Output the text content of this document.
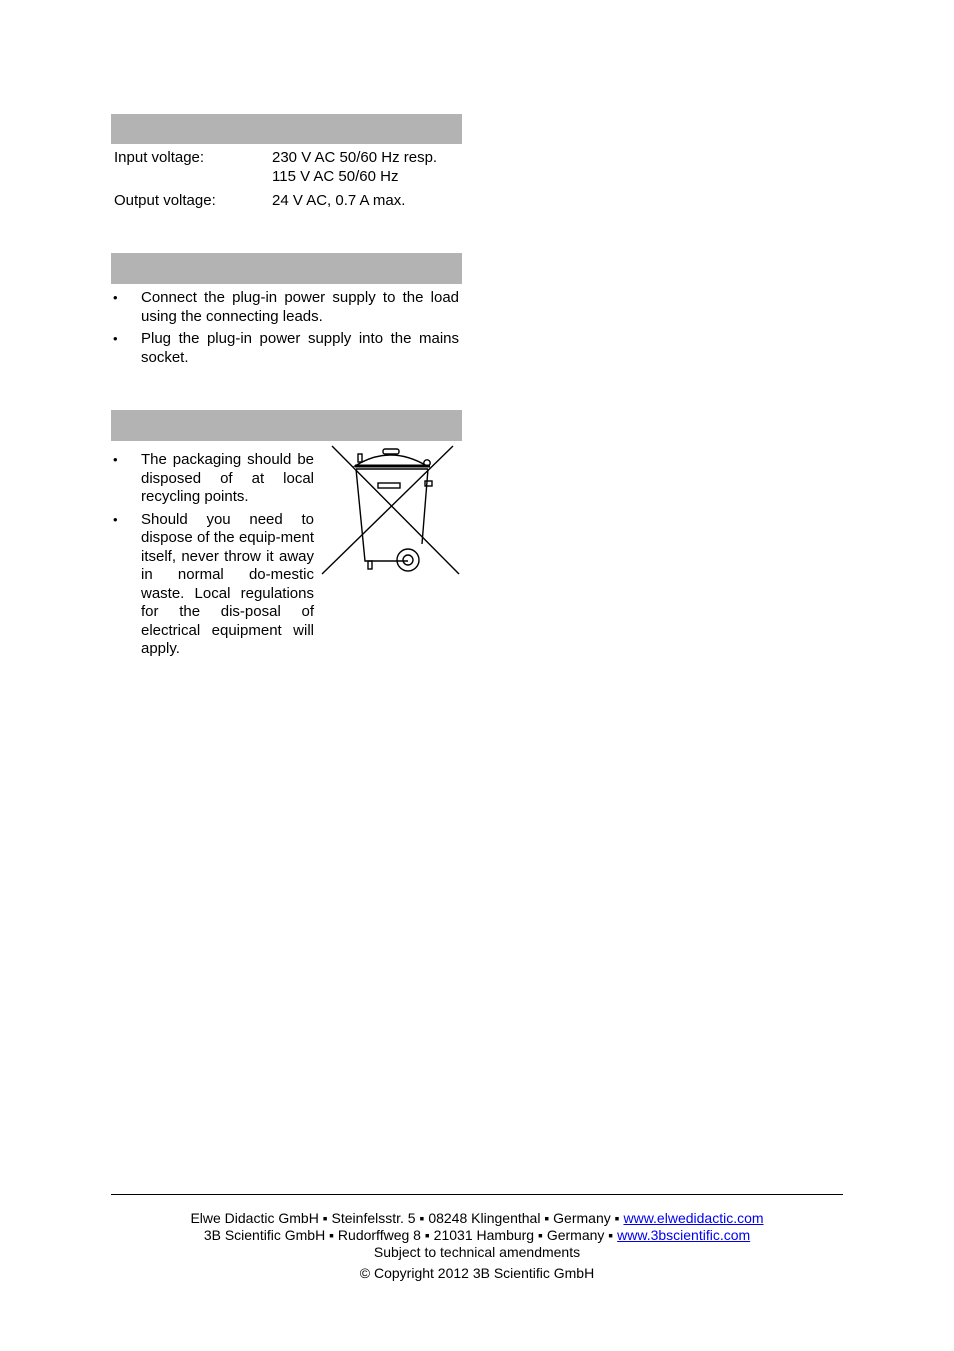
Input voltage:	230 V AC 50/60 Hz resp.
115 V AC 50/60 Hz
Output voltage:	24 V AC, 0.7 A max.
• Connect the plug-in power supply to the load using the connecting leads.
• Plug the plug-in power supply into the mains socket.
• The packaging should be disposed of at local recycling points.
• Should you need to dispose of the equip-ment itself, never throw it away in normal do-mestic waste. Local regulations for the dis-posal of electrical equipment will apply.
Elwe Didactic GmbH ▪ Steinfelsstr. 5 ▪ 08248 Klingenthal ▪ Germany ▪ www.elwedidactic.com
3B Scientific GmbH ▪ Rudorffweg 8 ▪ 21031 Hamburg ▪ Germany ▪ www.3bscientific.com
Subject to technical amendments
© Copyright 2012 3B Scientific GmbH
